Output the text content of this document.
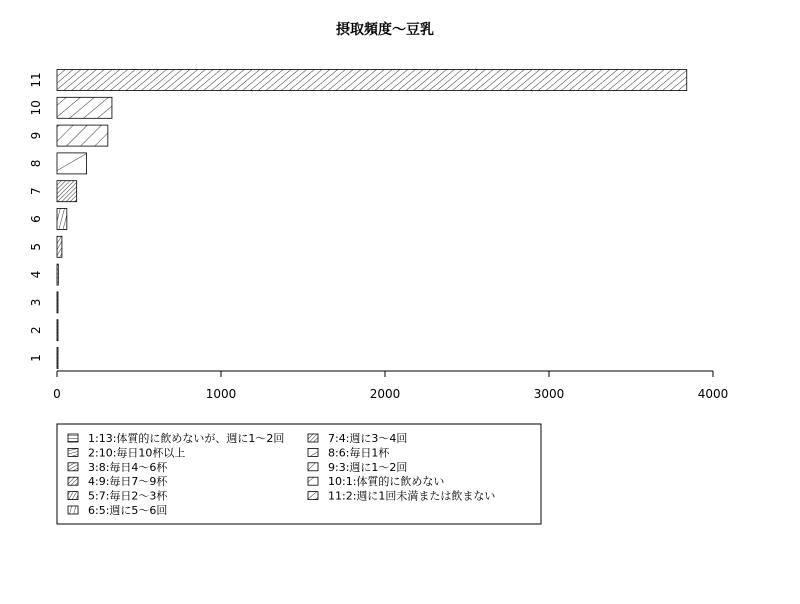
摂取頻度〜豆乳
0	1000	2000	3000	4000
1
2
3
4
5
6
7
8
9
10
11
1:13:体質的に飲めないが、週に1〜2回
2:10:毎日10杯以上
3:8:毎日4〜6杯
4:9:毎日7〜9杯
5:7:毎日2〜3杯
6:5:週に5〜6回
7:4:週に3〜4回
8:6:毎日1杯
9:3:週に1〜2回
10:1:体質的に飲めない
11:2:週に1回未満または飲まない
